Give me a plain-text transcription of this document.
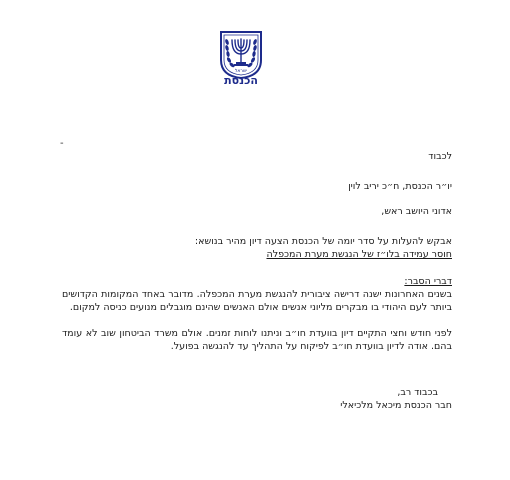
ישראל
הכנסת
-
לכבוד
יו״ר הכנסת, ח״כ יריב לוין
אדוני היושב ראש,
אבקש להעלות על סדר יומה של הכנסת הצעה דיון מהיר בנושא:
חוסר עמידה בלו״ז של הנגשת מערת המכפלה
דברי הסבר:
בשנים האחרונות ישנה דרישה ציבורית להנגשת מערת המכפלה. מדובר באחד המקומות הקדושים ביותר לעם היהודי בו מבקרים מליוני אנשים אולם האנשים שהינם מוגבלים מנועים כניסה למקום.
לפני חודש וחצי התקיים דיון בוועדת חו״ב וניתנו לוחות זמנים. אולם משרד הביטחון שוב לא עומד בהם. אודה לדיון בוועדת חו״ב לפיקוח על התהליך עד להנגשה בפועל.
בכבוד רב,
חבר הכנסת מיכאל מלכיאלי
